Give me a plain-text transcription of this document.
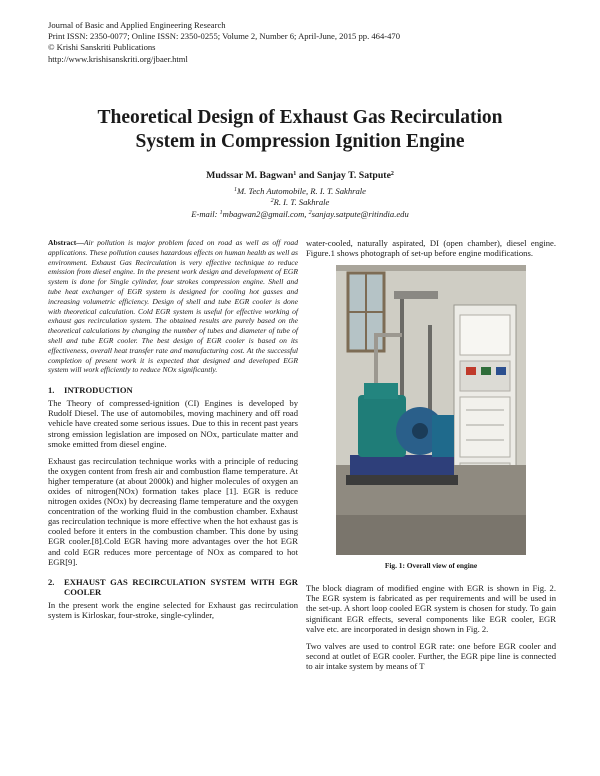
Journal of Basic and Applied Engineering Research
Print ISSN: 2350-0077; Online ISSN: 2350-0255; Volume 2, Number 6; April-June, 2015 pp. 464-470
© Krishi Sanskriti Publications
http://www.krishisanskriti.org/jbaer.html
Theoretical Design of Exhaust Gas Recirculation
System in Compression Ignition Engine
Mudssar M. Bagwan$^1$ and Sanjay T. Satpute$^2$
$^1$M. Tech Automobile, R. I. T. Sakhrale
$^2$R. I. T. Sakhrale
E-mail: $^1$mbagwan2@gmail.com, $^2$sanjay.satpute@ritindia.edu

Abstract—Air pollution is major problem faced on road as well as off road applications. These pollution causes hazardous effects on human health as well as environment. Exhaust Gas Recirculation is very effective technique to reduce emission from diesel engine. In the present work design and development of EGR system is done for Single cylinder, four strokes compression engine. Shell and tube heat exchanger of EGR system is designed for cooling hot gasses and increasing volumetric efficiency. Design of shell and tube EGR cooler is done with theoretical calculation. Cold EGR system is useful for effective working of exhaust gas recirculation system. The obtained results are purely based on the theoretical calculations by changing the number of tubes and diameter of tube of shell and tube EGR cooler. The best design of EGR cooler is based on its effectiveness, overall heat transfer rate and manufacturing cost. At the successful completion of present work it is expected that designed and developed EGR system will work efficiently to reduce NOx significantly.

1. INTRODUCTION

The Theory of compressed-ignition (CI) Engines is developed by Rudolf Diesel. The use of automobiles, moving machinery and off road vehicle have created some serious issues. Due to this in recent past years strong emission legislation are imposed on NOx, particulate matter and smoke emitted from diesel engine.

Exhaust gas recirculation technique works with a principle of reducing the oxygen content from fresh air and combustion flame temperature. At higher temperature (at about 2000k) and higher molecules of oxygen an oxides of nitrogen(NOx) formation takes place [1]. EGR is reduce nitrogen oxides (NOx) by decreasing flame temperature and the oxygen concentration of the working fluid in the combustion chamber. Exhaust gas recirculation technique is more effective when the hot exhaust gas is cooled before it enters in the combustion chamber. This done by using EGR cooler.[8].Cold EGR having more advantages over the hot EGR and cold EGR reduces more percentage of NOx as compared to hot EGR[9].

2.	EXHAUST GAS RECIRCULATION SYSTEM WITH EGR COOLER

In the present work the engine selected for Exhaust gas recirculation system is Kirloskar, four-stroke, single-cylinder,

water-cooled, naturally aspirated, DI (open chamber), diesel engine. Figure.1 shows photograph of set-up before engine modifications.

Fig. 1: Overall view of engine

The block diagram of modified engine with EGR is shown in Fig. 2. The EGR system is fabricated as per requirements and will be used in the set-up. A short loop cooled EGR system is chosen for study. To gain significant EGR effects, several components like EGR cooler, EGR valve etc. are incorporated in design shown in Fig. 2.

Two valves are used to control EGR rate: one before EGR cooler and second at outlet of EGR cooler. Further, the EGR pipe line is connected to air intake system by means of T
